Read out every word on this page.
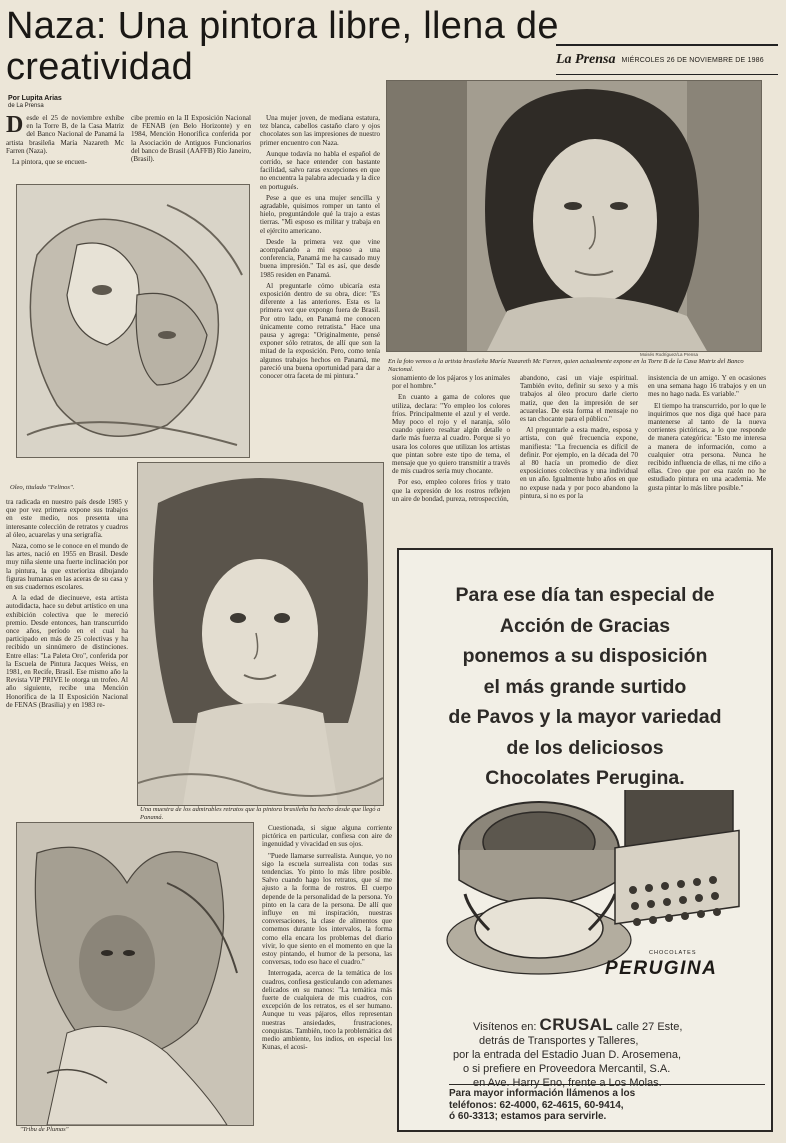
Naza: Una pintora libre, llena de
creatividad
Por Lupita Arias
de La Prensa
La Prensa MIÉRCOLES 26 DE NOVIEMBRE DE 1986
D esde el 25 de noviembre exhibe en la Torre B, de la Casa Matriz del Banco Nacional de Panamá la artista brasileña María Nazareth Mc Farren (Naza).

La pintora, que se encuen-

cibe premio en la II Exposición Nacional de FENAB (en Belo Horizonte) y en 1984, Mención Honorífica conferida por la Asociación de Antiguos Funcionarios del banco de Brasil (AAFFB) Río Janeiro, (Brasil).

Una mujer joven, de mediana estatura, tez blanca, cabellos castaño claro y ojos chocolates son las impresiones de nuestro primer encuentro con Naza.

Aunque todavía no habla el español de corrido, se hace entender con bastante facilidad, salvo raras excepciones en que no encuentra la palabra adecuada y la dice en portugués.

Pese a que es una mujer sencilla y agradable, quisimos romper un tanto el hielo, preguntándole qué la trajo a estas tierras. "Mi esposo es militar y trabaja en el ejército americano.

Desde la primera vez que vine acompañando a mi esposo a una conferencia, Panamá me ha causado muy buena impresión." Tal es así, que desde 1985 residen en Panamá.

Al preguntarle cómo ubicaría esta exposición dentro de su obra, dice: "Es diferente a las anteriores. Esta es la primera vez que expongo fuera de Brasil. Por otro lado, en Panamá me conocen únicamente como retratista." Hace una pausa y agrega: "Originalmente, pensé exponer sólo retratos, de allí que son la mitad de la exposición. Pero, como tenía algunos trabajos hechos en Panamá, me pareció una buena oportunidad para dar a conocer otra faceta de mi pintura."

Oleo, titulado "Felinos".

tra radicada en nuestro país desde 1985 y que por vez primera expone sus trabajos en este medio, nos presenta una interesante colección de retratos y cuadros al óleo, acuarelas y una serigrafía.

Naza, como se le conoce en el mundo de las artes, nació en 1955 en Brasil. Desde muy niña siente una fuerte inclinación por la pintura, la que exterioriza dibujando figuras humanas en las aceras de su casa y en sus cuadernos escolares.

A la edad de diecinueve, esta artista autodidacta, hace su debut artístico en una exhibición colectiva que le mereció premio. Desde entonces, han transcurrido once años, período en el cual ha participado en más de 25 colectivas y ha recibido un sinnúmero de distinciones. Entre ellas: "La Paleta Oro", conferida por la Escuela de Pintura Jacques Weiss, en 1981, en Recife, Brasil. Ese mismo año la Revista VIP PRIVE le otorga un trofeo. Al año siguiente, recibe una Mención Honorífica de la II Exposición Nacional de FENAS (Brasilia) y en 1983 re-

Una muestra de los admirables retratos que la pintora brasileña ha hecho desde que llegó a Panamá.
Moisés Rodríguez/La Prensa
En la foto vemos a la artista brasileña María Nazareth Mc Farren, quien actualmente expone en la Torre B de la Casa Matriz del Banco Nacional.

sionamiento de los pájaros y los animales por el hombre."

En cuanto a gama de colores que utiliza, declara: "Yo empleo los colores fríos. Principalmente el azul y el verde. Muy poco el rojo y el naranja, sólo cuando quiero resaltar algún detalle o darle más fuerza al cuadro. Porque si yo usara los colores que utilizan los artistas que pintan sobre este tipo de tema, el mensaje que yo quiero transmitir a través de mis cuadros sería muy chocante.

Por eso, empleo colores fríos y trato que la expresión de los rostros reflejen un aire de bondad, pureza, retrospección,

abandono, casi un viaje espiritual. También evito, definir su sexo y a mis trabajos al óleo procuro darle cierto matiz, que den la impresión de ser acuarelas. De esta forma el mensaje no es tan chocante para el público."

Al preguntarle a esta madre, esposa y artista, con qué frecuencia expone, manifiesta: "La frecuencia es difícil de definir. Por ejemplo, en la década del 70 al 80 hacía un promedio de diez exposiciones colectivas y una individual en un año. Igualmente hubo años en que no expuse nada y por poco abandono la pintura, si no es por la

insistencia de un amigo. Y en ocasiones en una semana hago 16 trabajos y en un mes no hago nada. Es variable."

El tiempo ha transcurrido, por lo que le inquirimos que nos diga qué hace para mantenerse al tanto de la nueva corrientes pictóricas, a lo que responde de manera categórica: "Esto me interesa a manera de información, como a cualquier otra persona. Nunca he recibido influencia de ellas, ni me ciño a ellas. Creo que por esa razón no he estudiado pintura en una academia. Me gusta pintar lo más libre posible."

"Tribu de Plumas"

Cuestionada, si sigue alguna corriente pictórica en particular, confiesa con aire de ingenuidad y vivacidad en sus ojos.

"Puede llamarse surrealista. Aunque, yo no sigo la escuela surrealista con todas sus tendencias. Yo pinto lo más libre posible. Salvo cuando hago los retratos, que sí me ajusto a la forma de rostros. El cuerpo depende de la personalidad de la persona. Yo pinto en la cara de la persona. De allí que influye en mi inspiración, nuestras conversaciones, la clase de alimentos que comemos durante los intervalos, la forma como ella encara los problemas del diario vivir, lo que siento en el momento en que la estoy pintando, el humor de la persona, las conversas, todo eso hace el cuadro."

Interrogada, acerca de la temática de los cuadros, confiesa gesticulando con ademanes delicados en su manos: "La temática más fuerte de cualquiera de mis cuadros, con excepción de los retratos, es el ser humano. Aunque tu veas pájaros, ellos representan nuestras ansiedades, frustraciones, conquistas. También, toco la problemática del medio ambiente, los indios, en especial los Kunas, el acosi-

Para ese día tan especial de
Acción de Gracias
ponemos a su disposición
el más grande surtido
de Pavos y la mayor variedad
de los deliciosos
Chocolates Perugina.
CHOCOLATES
PERUGINA
Visítenos en: CRUSAL calle 27 Este,
detrás de Transportes y Talleres,
por la entrada del Estadio Juan D. Arosemena,
o si prefiere en Proveedora Mercantil, S.A.
en Ave. Harry Eno, frente a Los Molas.
Para mayor información llámenos a los
teléfonos: 62-4000, 62-4615, 60-9414,
ó 60-3313; estamos para servirle.
